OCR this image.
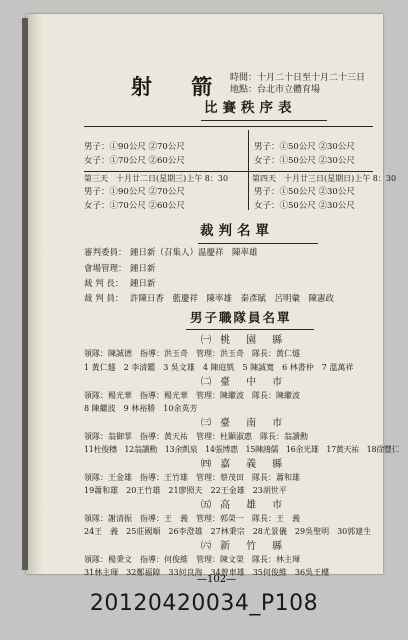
射 箭 時間：十月二十日至十月二十三日
地點：台北市立體育場
比賽秩序表
男子：①90公尺 ②70公尺
女子：①70公尺 ②60公尺
男子：①50公尺 ②30公尺
女子：①50公尺 ②30公尺
第三天　十月廿二日(星期三)上午 8：30	第四天　十月廿三日(星期日)上午 8：30
男子：①90公尺 ②70公尺
女子：①70公尺 ②60公尺
男子：①50公尺 ②30公尺
女子：①50公尺 ②30公尺
裁判名單
審判委員： 鍾日新（召集人）温慶祥　陳率雄
會場管理： 鍾日新
裁 判 長： 鍾日新
裁 判 員： 許陳日香　藍慶祥　陳率雄　秦彥賦　呂明彙　陳憲政
男子職隊員名單
㈠ 桃　園　縣
領隊：陳誠德　指導：洪玉奇　管理：洪玉奇　隊長：黃仁燧
1 黃仁燧　2 李清鑑　3 吳文雄　4 陳庭凱　5 陳誠寬　6 林書仲　7 溫萬祥
㈡ 臺　中　市
領隊：楊光華　指導：楊光華　管理：陳繼波　隊長：陳繼波
8 陳繼波　9 林裕勝　10余英芳
㈢ 臺　南　市
領隊：翁御掌　指導：黃天祐　管理：杜顯淑惠　隊長：翁讀勳
11杜俊穗　12翁讀勳　13余凱泉　14張博惠　15陳鴻儒　16余光雄　17黃天祐　18徐豐仁
㈣ 嘉　義　縣
領隊：王金雄　指導：王竹雄　管理：蔡茂田　隊長：蕭和雄
19蕭和雄　20王竹雄　21廖照夫　22王金雄　23胡世平
㈤ 高　雄　市
領隊：謝清振　指導：王　義　管理：郭榮一　隊長：王　義
24王　義　25莊國順　26李澄雄　27林秉宗　28尤景儀　29吳聖明　30郭建生
㈥ 新　竹　縣
領隊：楊秉文　指導：何俊維　管理：陳文榮　隊長：林主琿
31林主琿　32鄭福障　33何良海　34曾車雄　35何俊維　36吳王樓
—102—
20120420034_P108
